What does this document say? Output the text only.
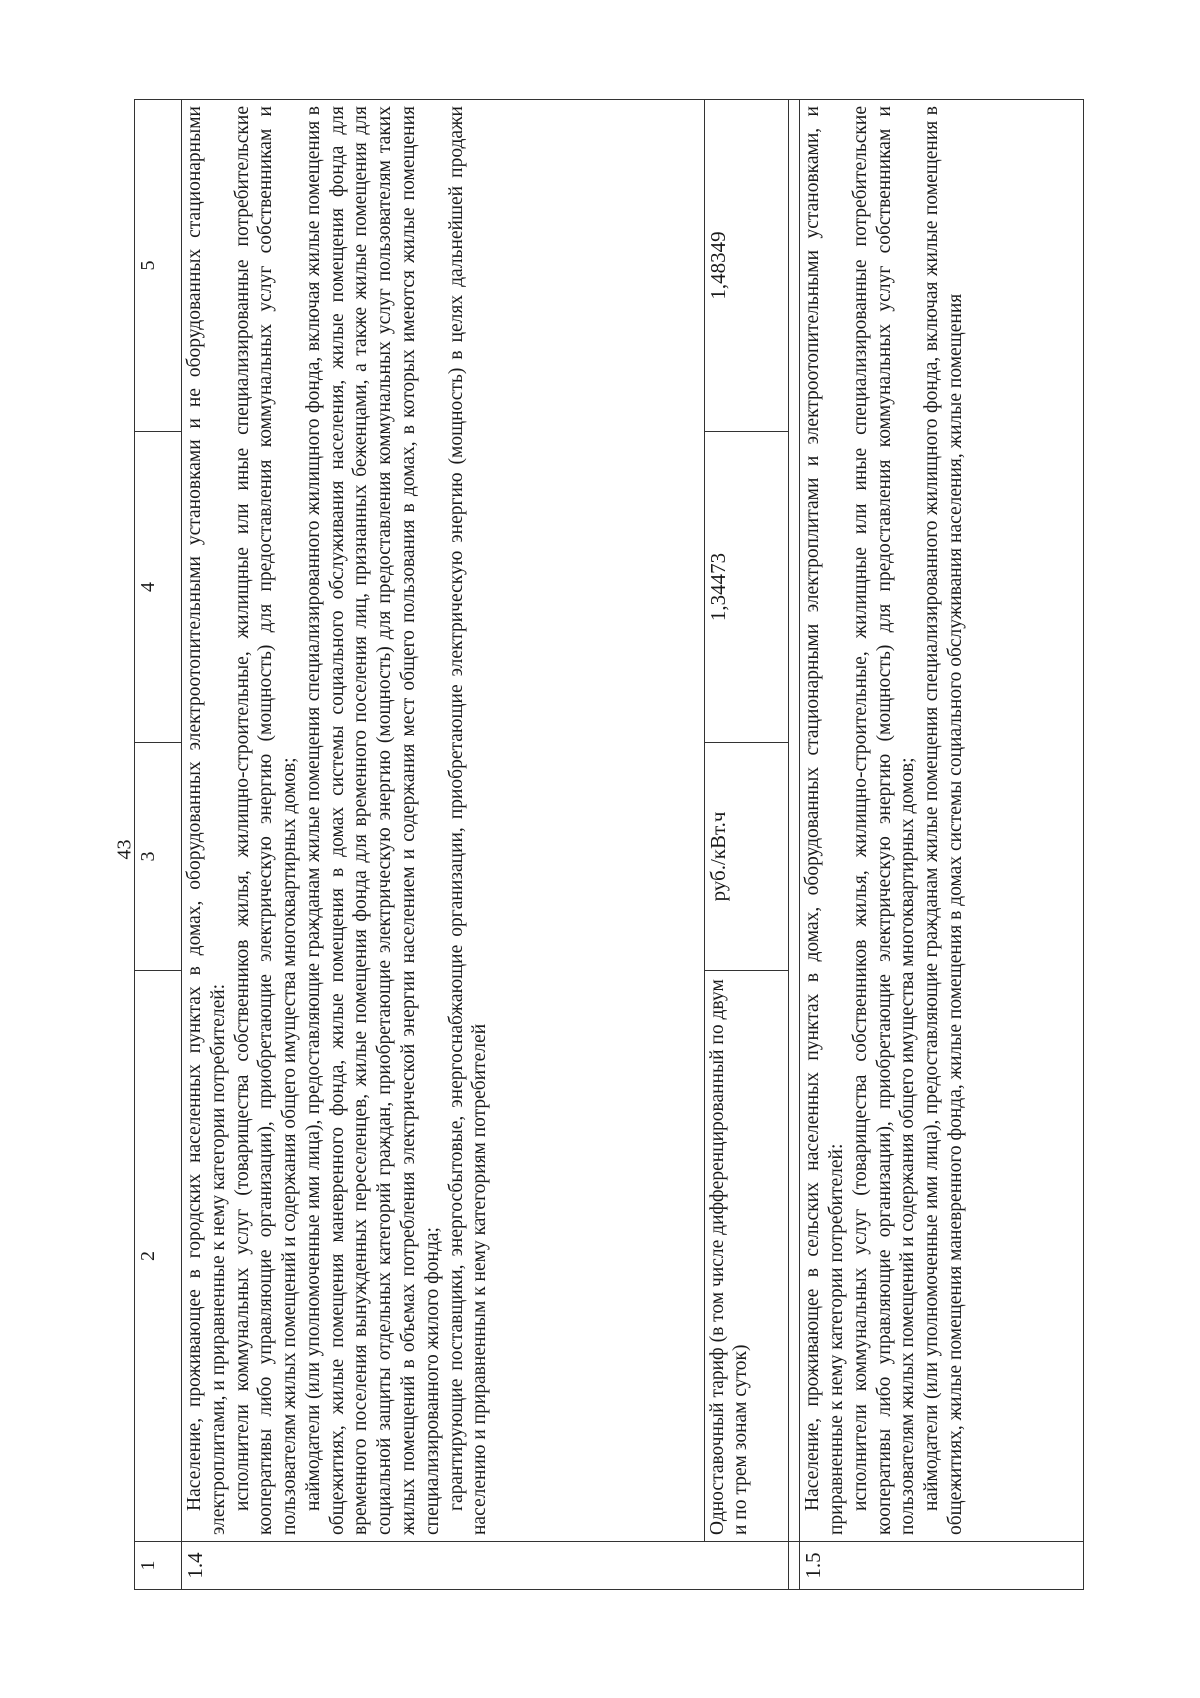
43
1	2	3	4	5
1.4	Население, проживающее в городских населенных пунктах в домах, оборудованных электроотопительными установками и не оборудованных стационарными электроплитами, и приравненные к нему категории потребителей: исполнители коммунальных услуг (товарищества собственников жилья, жилищно-строительные, жилищные или иные специализированные потребительские кооперативы либо управляющие организации), приобретающие электрическую энергию (мощность) для предоставления коммунальных услуг собственникам и пользователям жилых помещений и содержания общего имущества многоквартирных домов; наймодатели (или уполномоченные ими лица), предоставляющие гражданам жилые помещения специализированного жилищного фонда, включая жилые помещения в общежитиях, жилые помещения маневренного фонда, жилые помещения в домах системы социального обслуживания населения, жилые помещения фонда для временного поселения вынужденных переселенцев, жилые помещения фонда для временного поселения лиц, признанных беженцами, а также жилые помещения для социальной защиты отдельных категорий граждан, приобретающие электрическую энергию (мощность) для предоставления коммунальных услуг пользователям таких жилых помещений в объемах потребления электрической энергии населением и содержания мест общего пользования в домах, в которых имеются жилые помещения специализированного жилого фонда; гарантирующие поставщики, энергосбытовые, энергоснабжающие организации, приобретающие электрическую энергию (мощность) в целях дальнейшей продажи населению и приравненным к нему категориям потребителей			

	Одноставочный тариф (в том числе дифференцированный по двум и по трем зонам суток)	руб./кВт.ч	1,34473	1,48349

1.5	Население, проживающее в сельских населенных пунктах в домах, оборудованных стационарными электроплитами и электроотопительными установками, и приравненные к нему категории потребителей: исполнители коммунальных услуг (товарищества собственников жилья, жилищно-строительные, жилищные или иные специализированные потребительские кооперативы либо управляющие организации), приобретающие электрическую энергию (мощность) для предоставления коммунальных услуг собственникам и пользователям жилых помещений и содержания общего имущества многоквартирных домов; наймодатели (или уполномоченные ими лица), предоставляющие гражданам жилые помещения специализированного жилищного фонда, включая жилые помещения в общежитиях, жилые помещения маневренного фонда, жилые помещения в домах системы социального обслуживания населения, жилые помещения			
